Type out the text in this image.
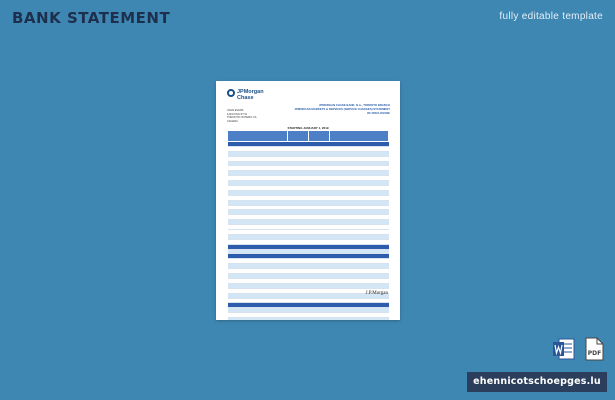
BANK STATEMENT	fully editable template
JPMorgan
Chase
JPMORGAN CHASE BANK, N.A., TORONTO BRANCH
JPMORGAN MARKETS & SERVICES (SERVICE CHARGES) STATEMENT OF DISCLOSURE
JOHN EVANS
1234 KING ST W
TORONTO ONTARIO CA
CANADA
STARTING JANUARY 1, 2019

J.P.Morgan
PDF
ehennicotschoepges.lu
